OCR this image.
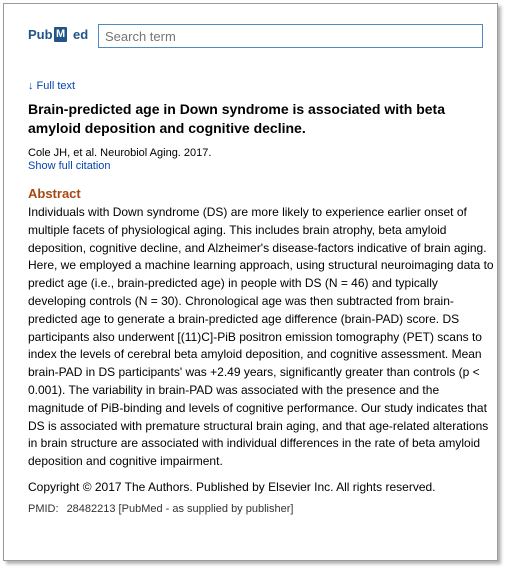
Pub M ed
Search term
↓ Full text
Brain-predicted age in Down syndrome is associated with beta amyloid deposition and cognitive decline.
Cole JH, et al. Neurobiol Aging. 2017.
Show full citation
Abstract

Individuals with Down syndrome (DS) are more likely to experience earlier onset of multiple facets of physiological aging. This includes brain atrophy, beta amyloid deposition, cognitive decline, and Alzheimer's disease-factors indicative of brain aging. Here, we employed a machine learning approach, using structural neuroimaging data to predict age (i.e., brain-predicted age) in people with DS (N = 46) and typically developing controls (N = 30). Chronological age was then subtracted from brain-predicted age to generate a brain-predicted age difference (brain-PAD) score. DS participants also underwent [(11)C]-PiB positron emission tomography (PET) scans to index the levels of cerebral beta amyloid deposition, and cognitive assessment. Mean brain-PAD in DS participants' was +2.49 years, significantly greater than controls (p < 0.001). The variability in brain-PAD was associated with the presence and the magnitude of PiB-binding and levels of cognitive performance. Our study indicates that DS is associated with premature structural brain aging, and that age-related alterations in brain structure are associated with individual differences in the rate of beta amyloid deposition and cognitive impairment.

Copyright © 2017 The Authors. Published by Elsevier Inc. All rights reserved.
PMID: 28482213 [PubMed - as supplied by publisher]
